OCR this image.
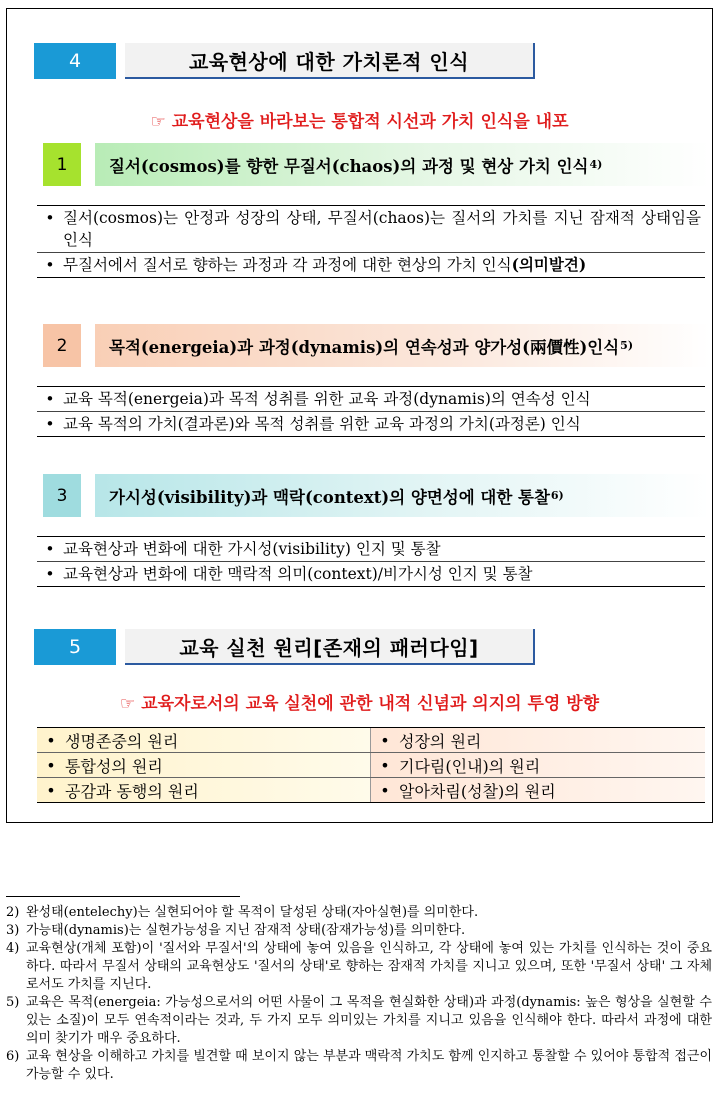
4	교육현상에 대한 가치론적 인식
☞ 교육현상을 바라보는 통합적 시선과 가치 인식을 내포
1	질서(cosmos)를 향한 무질서(chaos)의 과정 및 현상 가치 인식 4)
• 질서(cosmos)는 안정과 성장의 상태, 무질서(chaos)는 질서의 가치를 지닌 잠재적 상태임을 인식
• 무질서에서 질서로 향하는 과정과 각 과정에 대한 현상의 가치 인식(의미발견)
2	목적(energeia)과 과정(dynamis)의 연속성과 양가성(兩價性)인식 5)
• 교육 목적(energeia)과 목적 성취를 위한 교육 과정(dynamis)의 연속성 인식
• 교육 목적의 가치(결과론)와 목적 성취를 위한 교육 과정의 가치(과정론) 인식
3	가시성(visibility)과 맥락(context)의 양면성에 대한 통찰 6)
• 교육현상과 변화에 대한 가시성(visibility) 인지 및 통찰
• 교육현상과 변화에 대한 맥락적 의미(context)/비가시성 인지 및 통찰
5	교육 실천 원리[존재의 패러다임]
☞ 교육자로서의 교육 실천에 관한 내적 신념과 의지의 투영 방향
• 생명존중의 원리	• 성장의 원리
• 통합성의 원리	• 기다림(인내)의 원리
• 공감과 동행의 원리	• 알아차림(성찰)의 원리
2) 완성태(entelechy)는 실현되어야 할 목적이 달성된 상태(자아실현)를 의미한다.
3) 가능태(dynamis)는 실현가능성을 지닌 잠재적 상태(잠재가능성)를 의미한다.
4) 교육현상(개체 포함)이 '질서와 무질서'의 상태에 놓여 있음을 인식하고, 각 상태에 놓여 있는 가치를 인식하는 것이 중요하다. 따라서 무질서 상태의 교육현상도 '질서의 상태'로 향하는 잠재적 가치를 지니고 있으며, 또한 '무질서 상태' 그 자체로서도 가치를 지닌다.
5) 교육은 목적(energeia: 가능성으로서의 어떤 사물이 그 목적을 현실화한 상태)과 과정(dynamis: 높은 형상을 실현할 수 있는 소질)이 모두 연속적이라는 것과, 두 가지 모두 의미있는 가치를 지니고 있음을 인식해야 한다. 따라서 과정에 대한 의미 찾기가 매우 중요하다.
6) 교육 현상을 이해하고 가치를 빌견할 때 보이지 않는 부분과 맥락적 가치도 함께 인지하고 통찰할 수 있어야 통합적 접근이 가능할 수 있다.
